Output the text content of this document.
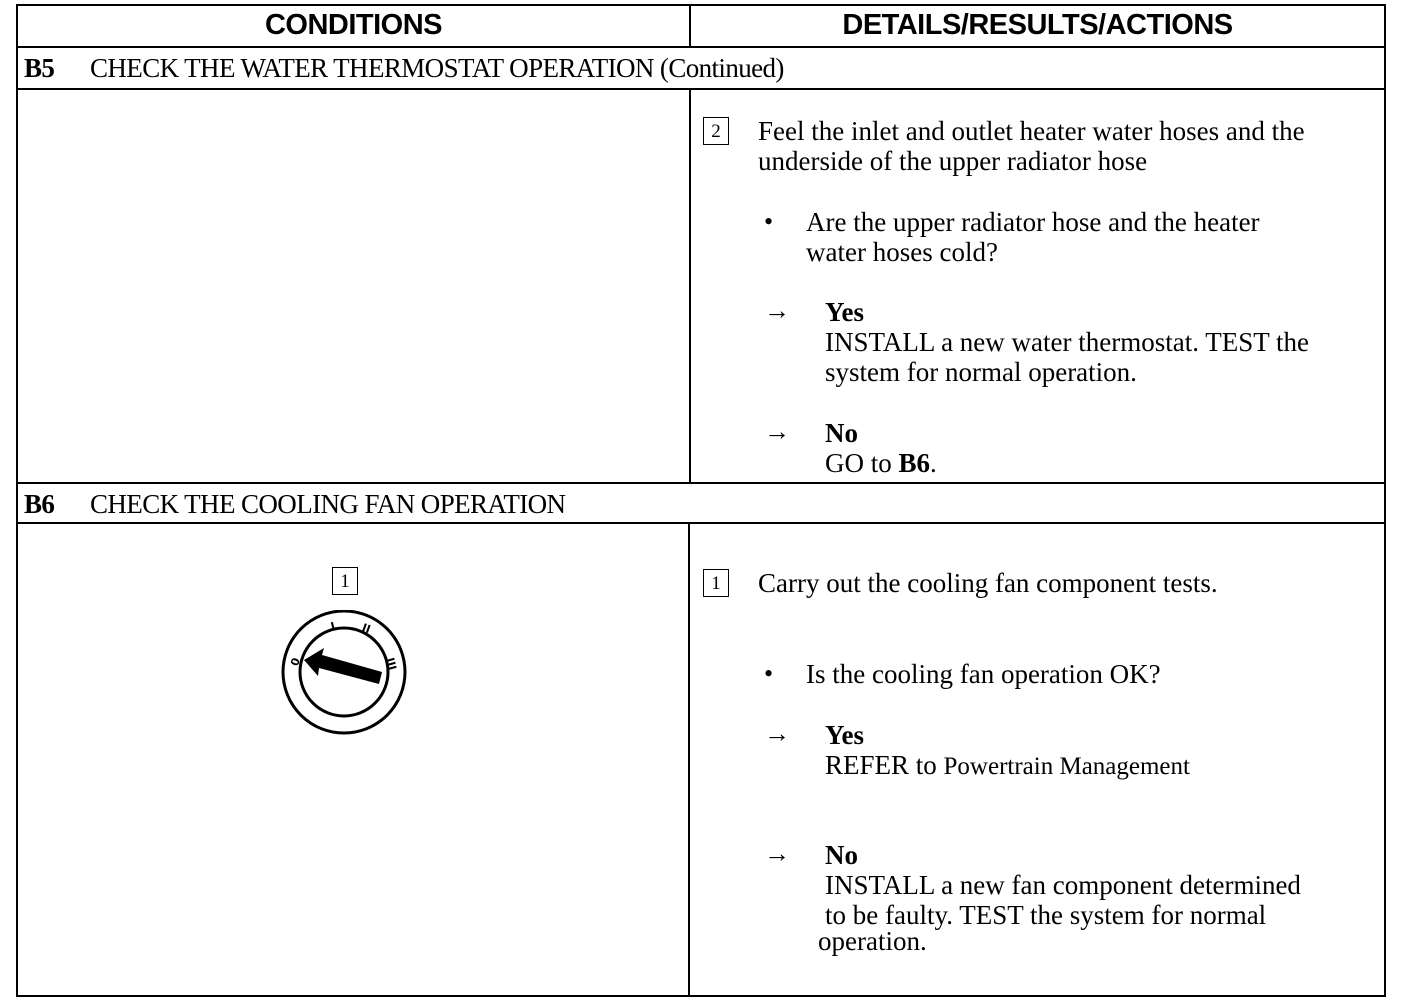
CONDITIONS	DETAILS/RESULTS/ACTIONS
B5 CHECK THE WATER THERMOSTAT OPERATION (Continued)
2	Feel the inlet and outlet heater water hoses and the
underside of the upper radiator hose
• Are the upper radiator hose and the heater
water hoses cold?
→ Yes
INSTALL a new water thermostat. TEST the
system for normal operation.
→ No
GO to B6.
B6 CHECK THE COOLING FAN OPERATION
1
0
I II
III
1	Carry out the cooling fan component tests.
• Is the cooling fan operation OK?
→ Yes
REFER to Powertrain Management
→ No
INSTALL a new fan component determined
to be faulty. TEST the system for normal
operation.
